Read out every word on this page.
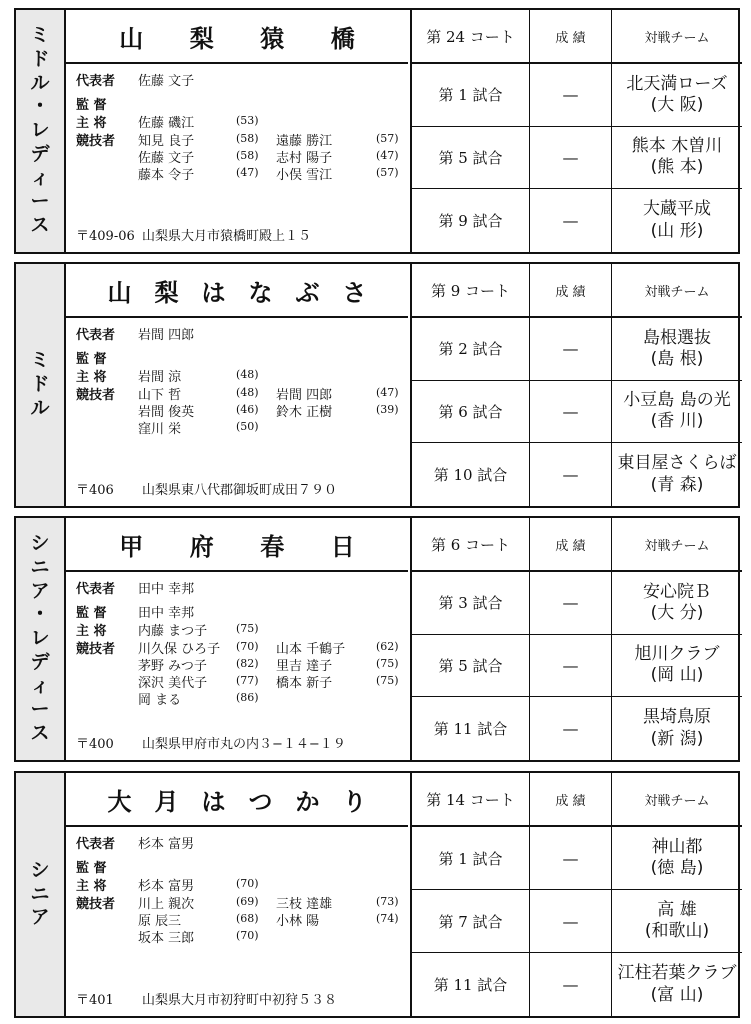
ミ
ド
ル
・
レ
デ
ィ
ー
ス
山 梨 猿 橋
代表者 佐藤 文子
監 督
主 将 佐藤 磯江	(53)
競技者 知見 良子	(58) 遠藤 勝江	(57)
佐藤 文子	(58) 志村 陽子	(47)
藤本 令子	(47) 小俣 雪江	(57)
〒409-06 山梨県大月市猿橋町殿上１５
第 24 コート	成 績	対戦チーム
第 1 試合	—
北天満ローズ
(大 阪)
第 5 試合	—
熊本 木曽川
(熊 本)
第 9 試合	—
大蔵平成
(山 形)
ミ
ド
ル
山 梨 は な ぶ さ
代表者 岩間 四郎
監 督
主 将 岩間 涼	(48)
競技者 山下 哲	(48) 岩間 四郎	(47)
岩間 俊英	(46) 鈴木 正樹	(39)
窪川 栄	(50)
〒406 山梨県東八代郡御坂町成田７９０
第 9 コート	成 績	対戦チーム
第 2 試合	—
島根選抜
(島 根)
第 6 試合	—
小豆島 島の光
(香 川)
第 10 試合	—
東目屋さくらば
(青 森)
シ
ニ
ア
・
レ
デ
ィ
ー
ス
甲 府 春 日
代表者 田中 幸邦
監 督 田中 幸邦
主 将 内藤 まつ子	(75)
競技者 川久保 ひろ子 (70) 山本 千鶴子	(62)
茅野 みつ子	(82) 里吉 達子	(75)
深沢 美代子	(77) 橋本 新子	(75)
岡 まる	(86)
〒400 山梨県甲府市丸の内３−１４−１９
第 6 コート	成 績	対戦チーム
第 3 試合	—
安心院Ｂ
(大 分)
第 5 試合	—
旭川クラブ
(岡 山)
第 11 試合	—
黒埼鳥原
(新 潟)
シ
ニ
ア
大 月 は つ か り
代表者 杉本 富男
監 督
主 将 杉本 富男	(70)
競技者 川上 親次	(69) 三枝 達雄	(73)
原 辰三	(68) 小林 陽	(74)
坂本 三郎	(70)
〒401 山梨県大月市初狩町中初狩５３８
第 14 コート	成 績	対戦チーム
第 1 試合	—
神山都
(徳 島)
第 7 試合	—
高 雄
(和歌山)
第 11 試合	—
江柱若葉クラブ
(富 山)
